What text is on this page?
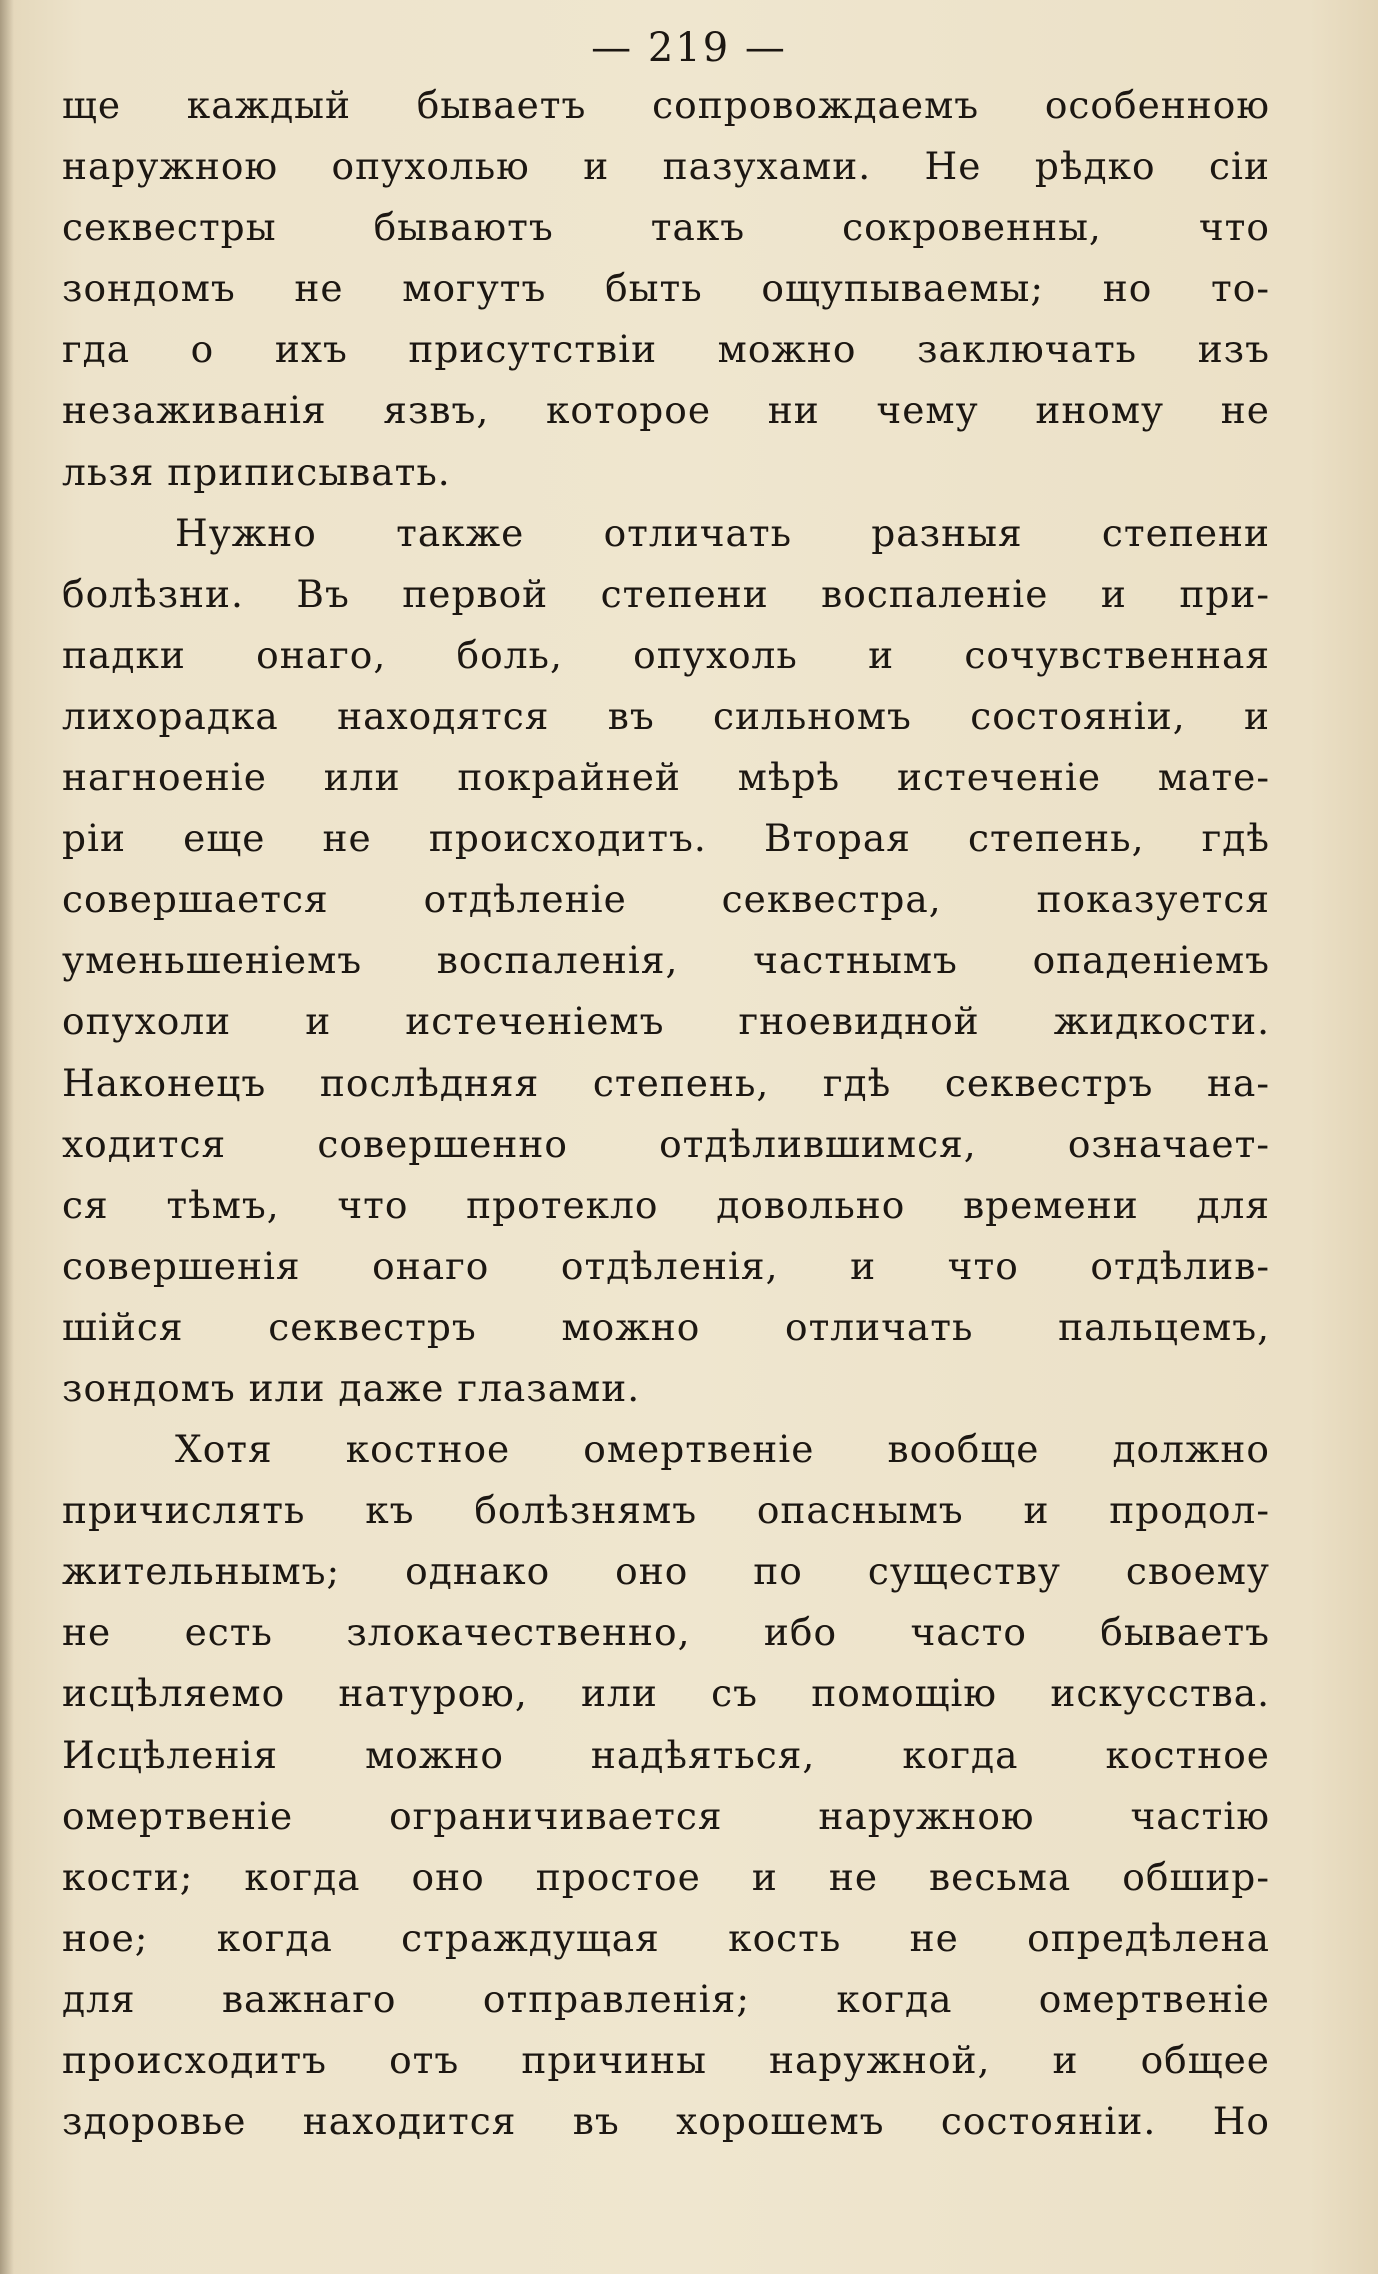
— 219 —
ще каждый бываетъ сопровождаемъ особенною
наружною опухолью и пазухами. Не рѣдко сіи
секвестры бываютъ такъ сокровенны, что
зондомъ не могутъ быть ощупываемы; но то-
гда о ихъ присутствіи можно заключать изъ
незаживанія язвъ, которое ни чему иному не
льзя приписывать.
Нужно также отличать разныя степени
болѣзни. Въ первой степени воспаленіе и при-
падки онаго, боль, опухоль и сочувственная
лихорадка находятся въ сильномъ состояніи, и
нагноеніе или покрайней мѣрѣ истеченіе мате-
ріи еще не происходитъ. Вторая степень, гдѣ
совершается отдѣленіе секвестра, показуется
уменьшеніемъ воспаленія, частнымъ опаденіемъ
опухоли и истеченіемъ гноевидной жидкости.
Наконецъ послѣдняя степень, гдѣ секвестръ на-
ходится совершенно отдѣлившимся, означает-
ся тѣмъ, что протекло довольно времени для
совершенія онаго отдѣленія, и что отдѣлив-
шійся секвестръ можно отличать пальцемъ,
зондомъ или даже глазами.
Хотя костное омертвеніе вообще должно
причислять къ болѣзнямъ опаснымъ и продол-
жительнымъ; однако оно по существу своему
не есть злокачественно, ибо часто бываетъ
исцѣляемо натурою, или съ помощію искусства.
Исцѣленія можно надѣяться, когда костное
омертвеніе ограничивается наружною частію
кости; когда оно простое и не весьма обшир-
ное; когда страждущая кость не опредѣлена
для важнаго отправленія; когда омертвеніе
происходитъ отъ причины наружной, и общее
здоровье находится въ хорошемъ состояніи. Но
